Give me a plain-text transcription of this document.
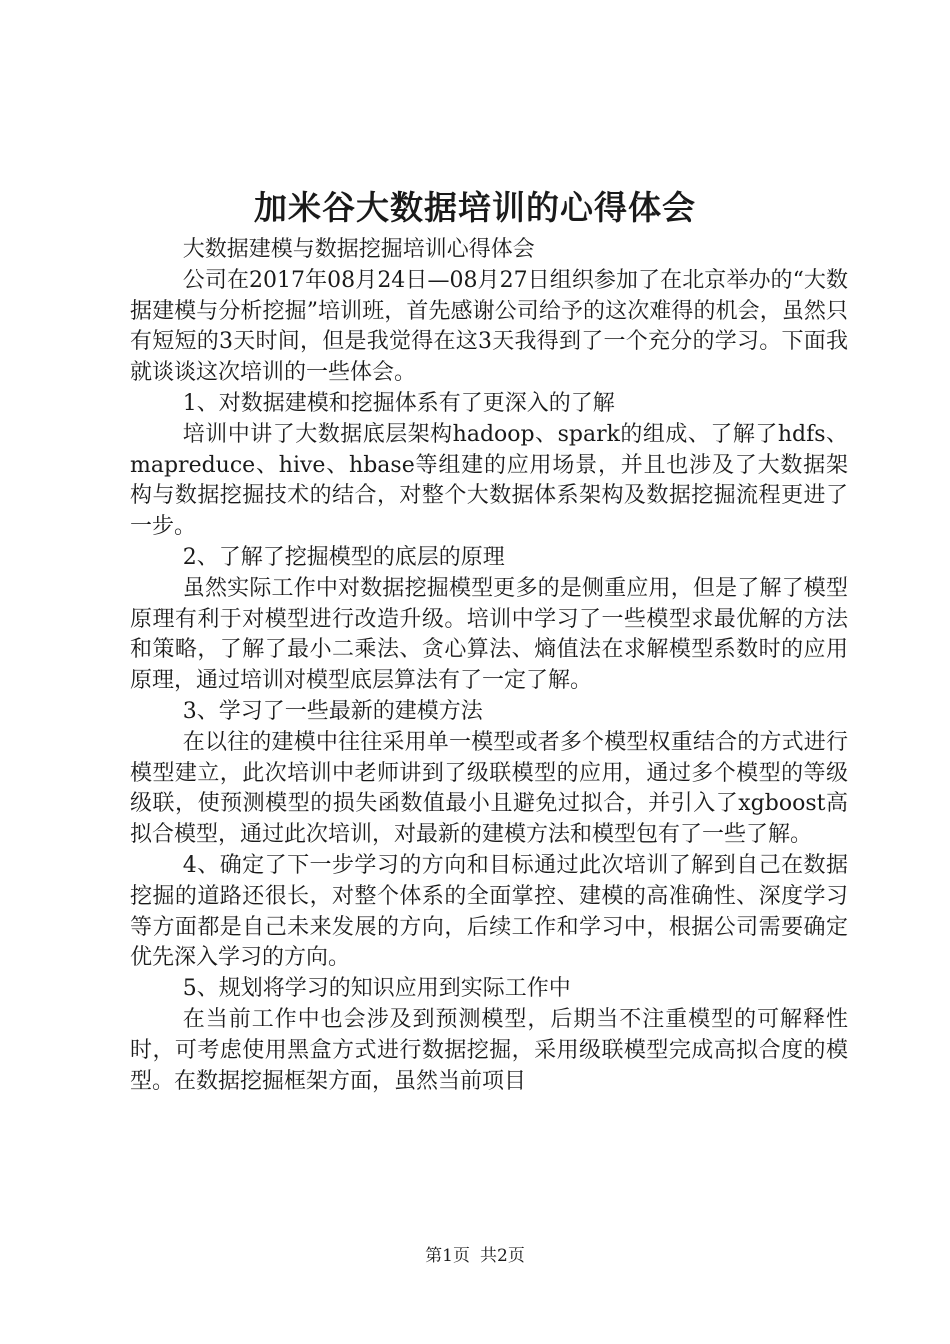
加米谷大数据培训的心得体会

大数据建模与数据挖掘培训心得体会

公司在2017年08月24日—08月27日组织参加了在北京举办的“大数据建模与分析挖掘”培训班，首先感谢公司给予的这次难得的机会，虽然只有短短的3天时间，但是我觉得在这3天我得到了一个充分的学习。下面我就谈谈这次培训的一些体会。

1、对数据建模和挖掘体系有了更深入的了解

培训中讲了大数据底层架构hadoop、spark的组成、了解了hdfs、mapreduce、hive、hbase等组建的应用场景，并且也涉及了大数据架构与数据挖掘技术的结合，对整个大数据体系架构及数据挖掘流程更进了一步。

2、了解了挖掘模型的底层的原理

虽然实际工作中对数据挖掘模型更多的是侧重应用，但是了解了模型原理有利于对模型进行改造升级。培训中学习了一些模型求最优解的方法和策略，了解了最小二乘法、贪心算法、熵值法在求解模型系数时的应用原理，通过培训对模型底层算法有了一定了解。

3、学习了一些最新的建模方法

在以往的建模中往往采用单一模型或者多个模型权重结合的方式进行模型建立，此次培训中老师讲到了级联模型的应用，通过多个模型的等级级联，使预测模型的损失函数值最小且避免过拟合，并引入了xgboost高拟合模型，通过此次培训，对最新的建模方法和模型包有了一些了解。

4、确定了下一步学习的方向和目标通过此次培训了解到自己在数据挖掘的道路还很长，对整个体系的全面掌控、建模的高准确性、深度学习等方面都是自己未来发展的方向，后续工作和学习中，根据公司需要确定优先深入学习的方向。

5、规划将学习的知识应用到实际工作中

在当前工作中也会涉及到预测模型，后期当不注重模型的可解释性时，可考虑使用黑盒方式进行数据挖掘，采用级联模型完成高拟合度的模型。在数据挖掘框架方面，虽然当前项目

第1页 共2页
